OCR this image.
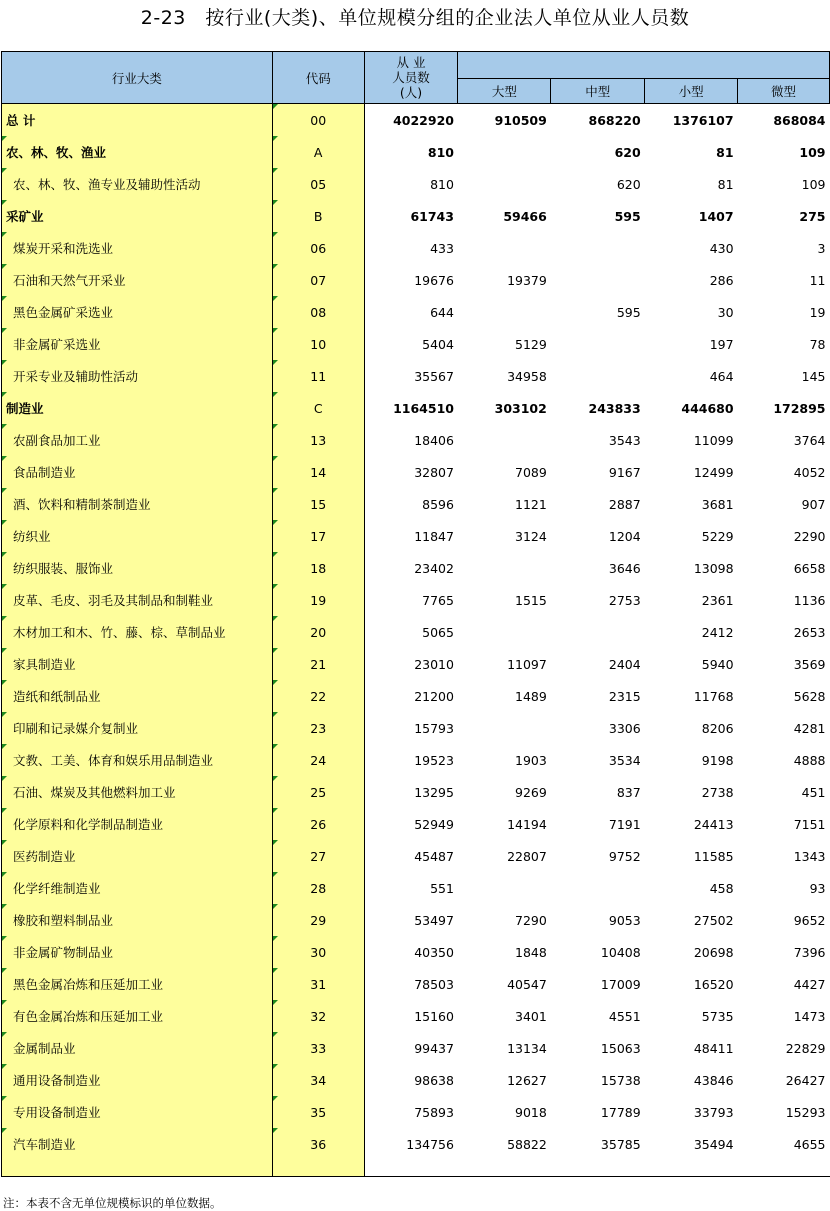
2-23　按行业(大类)、单位规模分组的企业法人单位从业人员数
行业大类	代码	从 业
人员数
(人)				

			大型	中型	小型	微型
总 计	00	4022920	910509	868220	1376107	868084

农、林、牧、渔业	A	810		620	81	109

农、林、牧、渔专业及辅助性活动	05	810		620	81	109

采矿业	B	61743	59466	595	1407	275

煤炭开采和洗选业	06	433			430	3

石油和天然气开采业	07	19676	19379		286	11

黑色金属矿采选业	08	644		595	30	19

非金属矿采选业	10	5404	5129		197	78

开采专业及辅助性活动	11	35567	34958		464	145

制造业	C	1164510	303102	243833	444680	172895

农副食品加工业	13	18406		3543	11099	3764

食品制造业	14	32807	7089	9167	12499	4052

酒、饮料和精制茶制造业	15	8596	1121	2887	3681	907

纺织业	17	11847	3124	1204	5229	2290

纺织服装、服饰业	18	23402		3646	13098	6658

皮革、毛皮、羽毛及其制品和制鞋业	19	7765	1515	2753	2361	1136

木材加工和木、竹、藤、棕、草制品业	20	5065			2412	2653

家具制造业	21	23010	11097	2404	5940	3569

造纸和纸制品业	22	21200	1489	2315	11768	5628

印刷和记录媒介复制业	23	15793		3306	8206	4281

文教、工美、体育和娱乐用品制造业	24	19523	1903	3534	9198	4888

石油、煤炭及其他燃料加工业	25	13295	9269	837	2738	451

化学原料和化学制品制造业	26	52949	14194	7191	24413	7151

医药制造业	27	45487	22807	9752	11585	1343

化学纤维制造业	28	551			458	93

橡胶和塑料制品业	29	53497	7290	9053	27502	9652

非金属矿物制品业	30	40350	1848	10408	20698	7396

黑色金属冶炼和压延加工业	31	78503	40547	17009	16520	4427

有色金属冶炼和压延加工业	32	15160	3401	4551	5735	1473

金属制品业	33	99437	13134	15063	48411	22829

通用设备制造业	34	98638	12627	15738	43846	26427

专用设备制造业	35	75893	9018	17789	33793	15293

汽车制造业	36	134756	58822	35785	35494	4655

注：本表不含无单位规模标识的单位数据。
